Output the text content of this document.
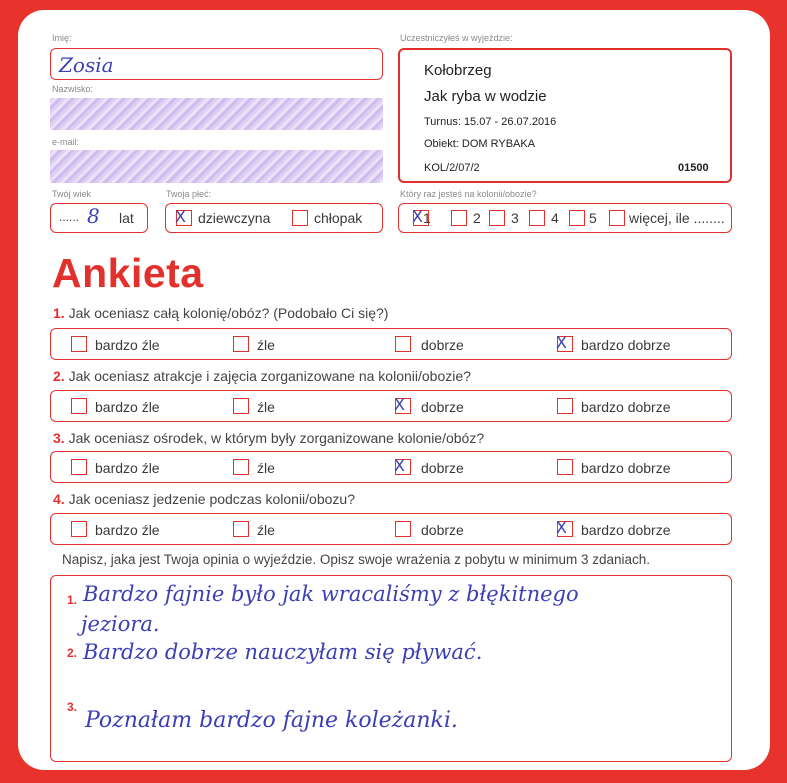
Imię:
Zosia
Nazwisko:
e-mail:
Twój wiek
...... 8 lat
Twoja płeć:
X dziewczyna	chłopak
Uczestniczyłeś w wyjeździe:
Kołobrzeg
Jak ryba w wodzie
Turnus: 15.07 - 26.07.2016
Obiekt: DOM RYBAKA
KOL/2/07/2	01500
Który raz jesteś na kolonii/obozie?
X 1	2 3 4 5 więcej, ile ........
Ankieta
1. Jak oceniasz całą kolonię/obóz? (Podobało Ci się?)
bardzo źle	źle	dobrze	X bardzo dobrze
2. Jak oceniasz atrakcje i zajęcia zorganizowane na kolonii/obozie?
bardzo źle	źle	X dobrze	bardzo dobrze
3. Jak oceniasz ośrodek, w którym były zorganizowane kolonie/obóz?
bardzo źle	źle	X dobrze	bardzo dobrze
4. Jak oceniasz jedzenie podczas kolonii/obozu?
bardzo źle	źle	dobrze	X bardzo dobrze
Napisz, jaka jest Twoja opinia o wyjeździe. Opisz swoje wrażenia z pobytu w minimum 3 zdaniach.
1. Bardzo fajnie było jak wracaliśmy z błękitnego
jeziora.
2. Bardzo dobrze nauczyłam się pływać.
3.
Poznałam bardzo fajne koleżanki.
